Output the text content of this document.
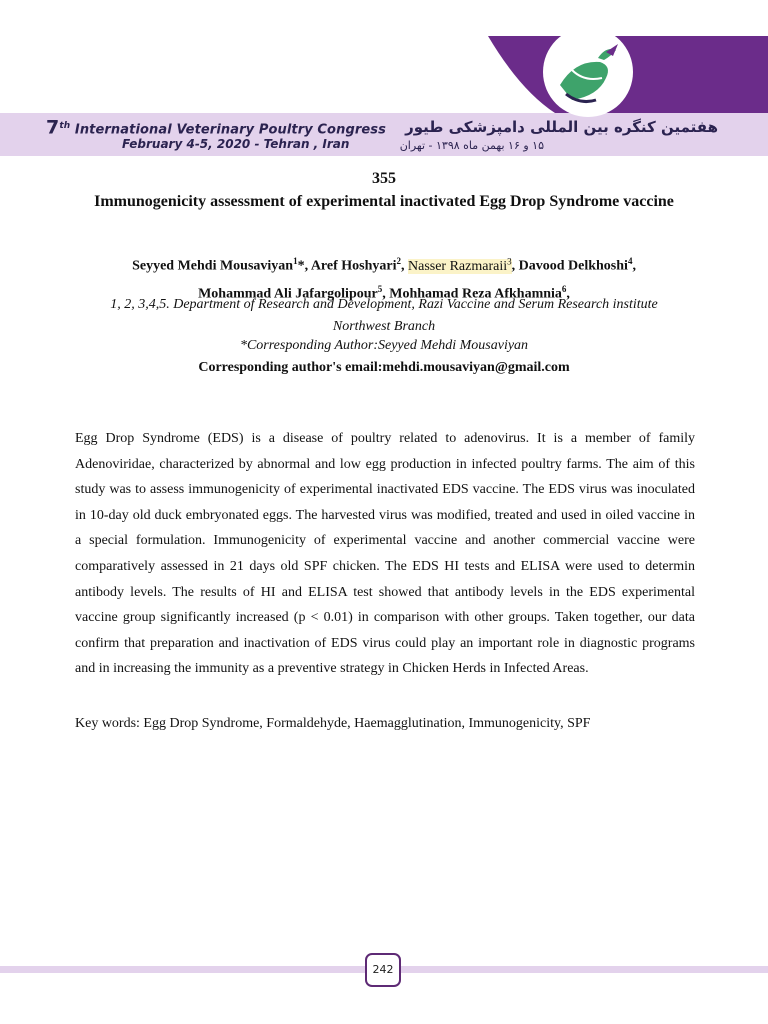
7th International Veterinary Poultry Congress
February 4-5, 2020 - Tehran , Iran
هفتمین کنگره بین المللی دامپزشکی طیور
۱۵ و ۱۶ بهمن ماه ۱۳۹۸ - تهران
355
Immunogenicity assessment of experimental inactivated Egg Drop Syndrome vaccine
Seyyed Mehdi Mousaviyan$^1$*, Aref Hoshyari$^2$, Nasser Razmaraii$^3$, Davood Delkhoshi$^4$,
Mohammad Ali Jafargolipour$^5$, Mohhamad Reza Afkhamnia$^6$,
1, 2, 3,4,5. Department of Research and Development, Razi Vaccine and Serum Research institute
Northwest Branch
*Corresponding Author:Seyyed Mehdi Mousaviyan
Corresponding author's email:mehdi.mousaviyan@gmail.com
Egg Drop Syndrome (EDS) is a disease of poultry related to adenovirus. It is a member of family Adenoviridae, characterized by abnormal and low egg production in infected poultry farms. The aim of this study was to assess immunogenicity of experimental inactivated EDS vaccine. The EDS virus was inoculated in 10-day old duck embryonated eggs. The harvested virus was modified, treated and used in oiled vaccine in a special formulation. Immunogenicity of experimental vaccine and another commercial vaccine were comparatively assessed in 21 days old SPF chicken. The EDS HI tests and ELISA were used to determin antibody levels. The results of HI and ELISA test showed that antibody levels in the EDS experimental vaccine group significantly increased (p < 0.01) in comparison with other groups. Taken together, our data confirm that preparation and inactivation of EDS virus could play an important role in diagnostic programs and in increasing the immunity as a preventive strategy in Chicken Herds in Infected Areas.
Key words: Egg Drop Syndrome, Formaldehyde, Haemagglutination, Immunogenicity, SPF
242
